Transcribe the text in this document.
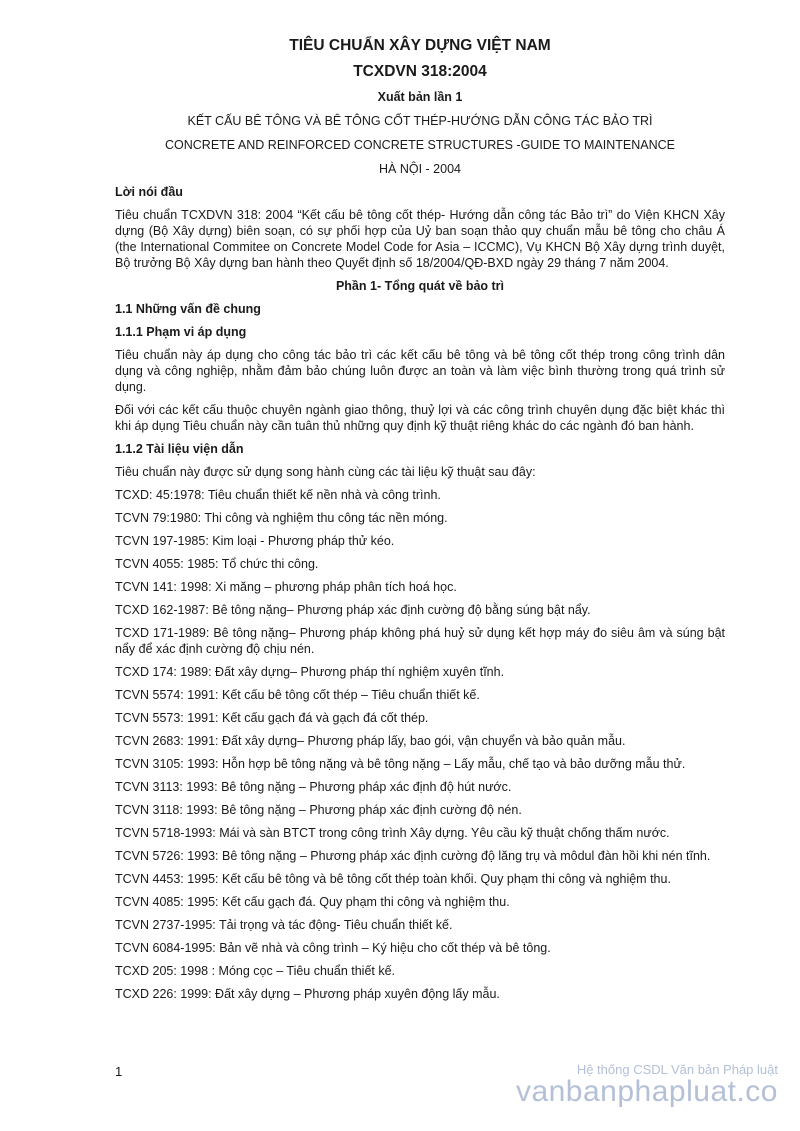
TIÊU CHUẨN XÂY DỰNG VIỆT NAM
TCXDVN 318:2004
Xuất bản lần 1
KẾT CẤU BÊ TÔNG VÀ BÊ TÔNG CỐT THÉP-HƯỚNG DẪN CÔNG TÁC BẢO TRÌ
CONCRETE AND REINFORCED CONCRETE STRUCTURES -GUIDE TO MAINTENANCE
HÀ NỘI - 2004
Lời nói đầu

Tiêu chuẩn TCXDVN 318: 2004 “Kết cấu bê tông cốt thép- Hướng dẫn công tác Bảo trì” do Viện KHCN Xây dựng (Bộ Xây dựng) biên soạn, có sự phối hợp của Uỷ ban soạn thảo quy chuẩn mẫu bê tông cho châu Á (the International Commitee on Concrete Model Code for Asia – ICCMC), Vụ KHCN Bộ Xây dựng trình duyệt, Bộ trưởng Bộ Xây dựng ban hành theo Quyết định số 18/2004/QĐ-BXD ngày 29 tháng 7 năm 2004.

Phần 1- Tổng quát về bảo trì
1.1 Những vấn đề chung
1.1.1 Phạm vi áp dụng

Tiêu chuẩn này áp dụng cho công tác bảo trì các kết cấu bê tông và bê tông cốt thép trong công trình dân dụng và công nghiệp, nhằm đảm bảo chúng luôn được an toàn và làm việc bình thường trong quá trình sử dụng.

Đối với các kết cấu thuộc chuyên ngành giao thông, thuỷ lợi và các công trình chuyên dụng đặc biệt khác thì khi áp dụng Tiêu chuẩn này cần tuân thủ những quy định kỹ thuật riêng khác do các ngành đó ban hành.

1.1.2 Tài liệu viện dẫn

Tiêu chuẩn này được sử dụng song hành cùng các tài liệu kỹ thuật sau đây:

TCXD: 45:1978: Tiêu chuẩn thiết kế nền nhà và công trình.
TCVN 79:1980: Thi công và nghiệm thu công tác nền móng.
TCVN 197-1985: Kim loại - Phương pháp thử kéo.
TCVN 4055: 1985: Tổ chức thi công.
TCVN 141: 1998: Xi măng – phương pháp phân tích hoá học.
TCXD 162-1987: Bê tông nặng– Phương pháp xác định cường độ bằng súng bật nẩy.
TCXD 171-1989: Bê tông nặng– Phương pháp không phá huỷ sử dụng kết hợp máy đo siêu âm và súng bật nẩy để xác định cường độ chịu nén.
TCXD 174: 1989: Đất xây dựng– Phương pháp thí nghiệm xuyên tĩnh.
TCVN 5574: 1991: Kết cấu bê tông cốt thép – Tiêu chuẩn thiết kế.
TCVN 5573: 1991: Kết cấu gạch đá và gạch đá cốt thép.
TCVN 2683: 1991: Đất xây dựng– Phương pháp lấy, bao gói, vận chuyển và bảo quản mẫu.
TCVN 3105: 1993: Hỗn hợp bê tông nặng và bê tông nặng – Lấy mẫu, chế tạo và bảo dưỡng mẫu thử.
TCVN 3113: 1993: Bê tông nặng – Phương pháp xác định độ hút nước.
TCVN 3118: 1993: Bê tông nặng – Phương pháp xác định cường độ nén.
TCVN 5718-1993: Mái và sàn BTCT trong công trình Xây dựng. Yêu cầu kỹ thuật chống thấm nước.
TCVN 5726: 1993: Bê tông nặng – Phương pháp xác định cường độ lăng trụ và môdul đàn hồi khi nén tĩnh.
TCVN 4453: 1995: Kết cấu bê tông và bê tông cốt thép toàn khối. Quy phạm thi công và nghiệm thu.
TCVN 4085: 1995: Kết cấu gạch đá. Quy phạm thi công và nghiệm thu.
TCVN 2737-1995: Tải trọng và tác động- Tiêu chuẩn thiết kế.
TCVN 6084-1995: Bản vẽ nhà và công trình – Ký hiệu cho cốt thép và bê tông.
TCXD 205: 1998 : Móng cọc – Tiêu chuẩn thiết kế.
TCXD 226: 1999: Đất xây dựng – Phương pháp xuyên động lấy mẫu.
1	Hệ thống CSDL Văn bản Pháp luật
vanbanphapluat.co
